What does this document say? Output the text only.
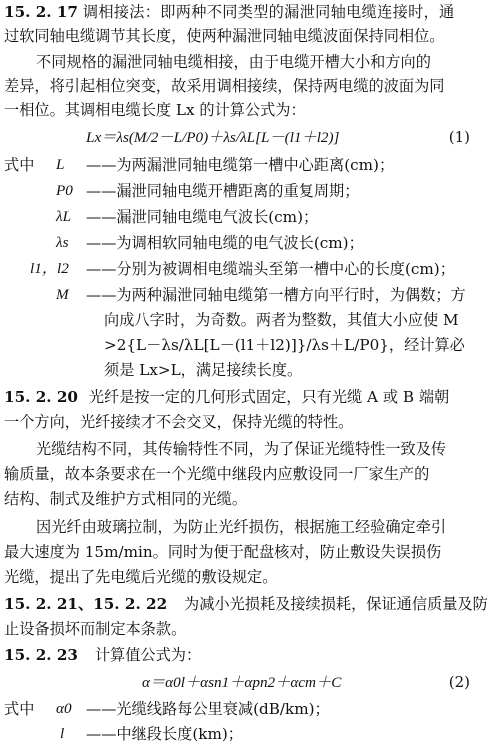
15. 2. 17 调相接法：即两种不同类型的漏泄同轴电缆连接时，通
过软同轴电缆调节其长度，使两种漏泄同轴电缆波面保持同相位。
不同规格的漏泄同轴电缆相接，由于电缆开槽大小和方向的
差异，将引起相位突变，故采用调相接续，保持两电缆的波面为同
一相位。其调相电缆长度 Lx 的计算公式为：
Lx＝λs(M/2－L/P0)＋λs/λL[L－(l1＋l2)]	(1)
式中 L ——为两漏泄同轴电缆第一槽中心距离(cm)；
P0 ——漏泄同轴电缆开槽距离的重复周期；
λL ——漏泄同轴电缆电气波长(cm)；
λs ——为调相软同轴电缆的电气波长(cm)；
l1，l2 ——分别为被调相电缆端头至第一槽中心的长度(cm)；
M ——为两种漏泄同轴电缆第一槽方向平行时，为偶数；方
向成八字时，为奇数。两者为整数，其值大小应使 M
>2{L－λs/λL[L－(l1＋l2)]}/λs＋L/P0}，经计算必
须是 Lx>L，满足接续长度。
15. 2. 20 光纤是按一定的几何形式固定，只有光缆 A 或 B 端朝
一个方向，光纤接续才不会交叉，保持光缆的特性。
光缆结构不同，其传输特性不同，为了保证光缆特性一致及传
输质量，故本条要求在一个光缆中继段内应敷设同一厂家生产的
结构、制式及维护方式相同的光缆。
因光纤由玻璃拉制，为防止光纤损伤，根据施工经验确定牵引
最大速度为 15m/min。同时为便于配盘核对，防止敷设失误损伤
光缆，提出了先电缆后光缆的敷设规定。
15. 2. 21、15. 2. 22 为减小光损耗及接续损耗，保证通信质量及防
止设备损坏而制定本条款。
15. 2. 23 计算值公式为：
α＝α0l＋αsn1＋αpn2＋αcm＋C	(2)
式中 α0 ——光缆线路每公里衰减(dB/km)；
l ——中继段长度(km)；
